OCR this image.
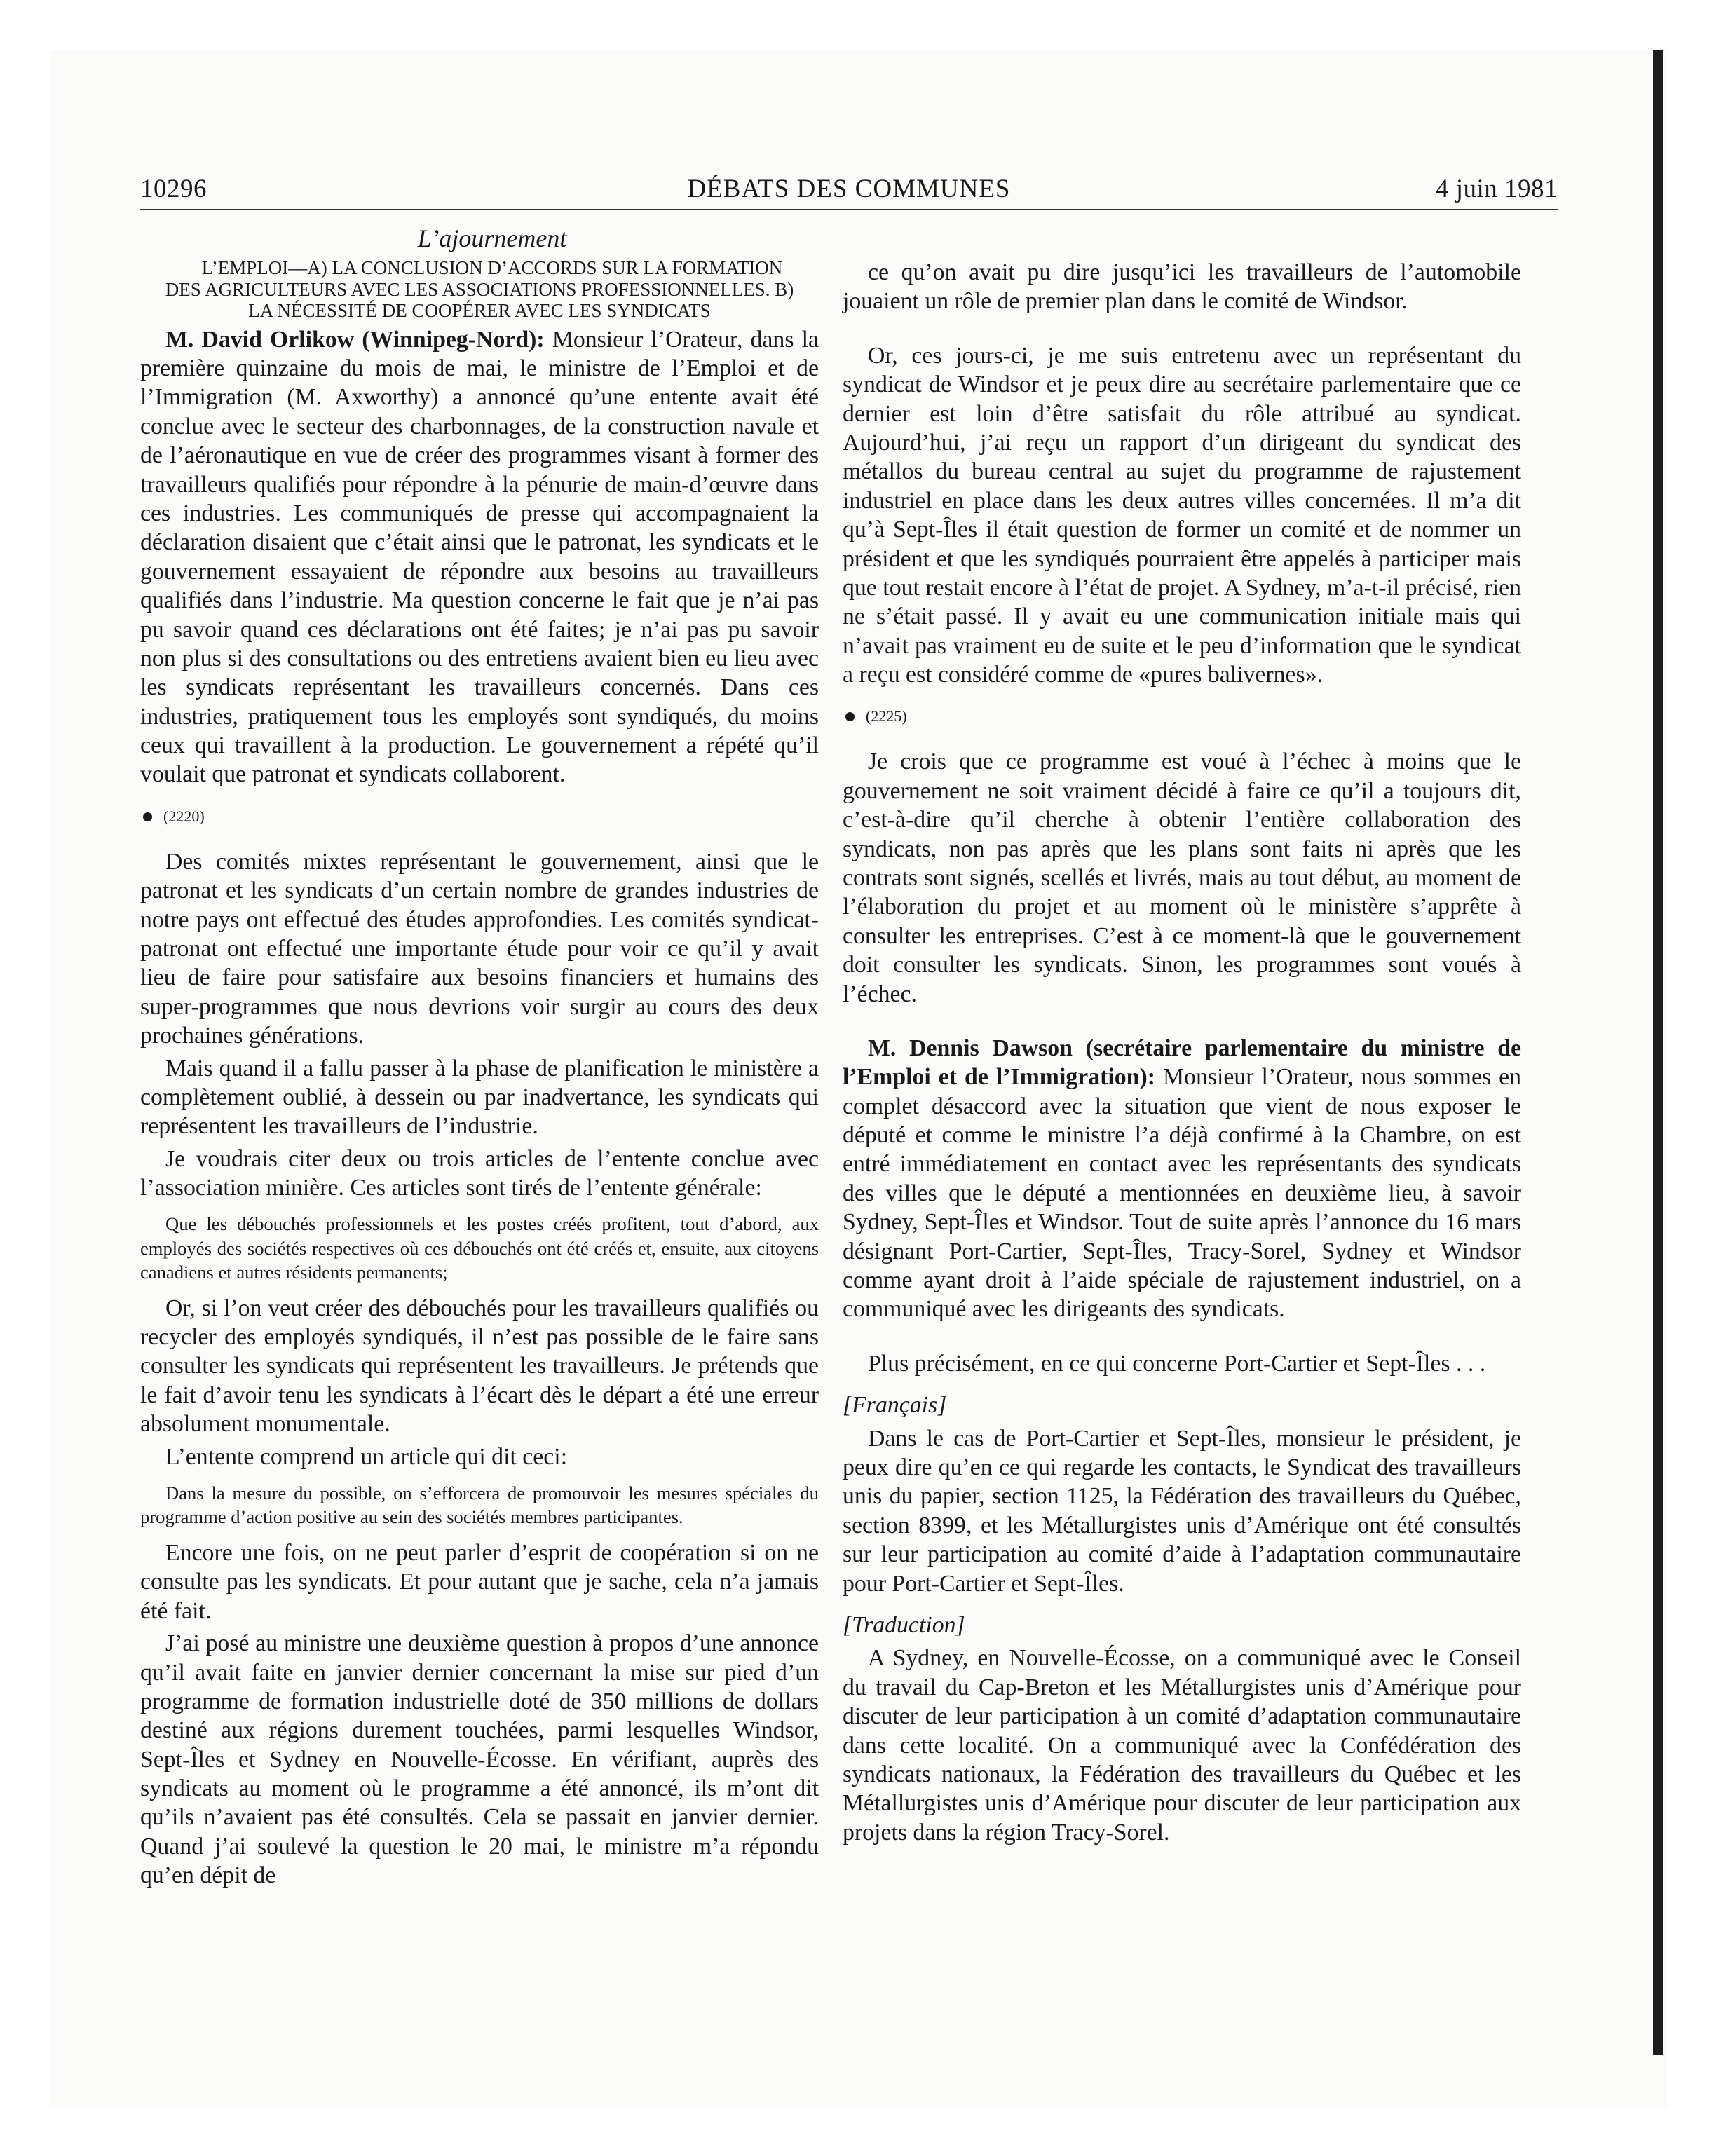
10296	DÉBATS DES COMMUNES	4 juin 1981

L’ajournement

L’EMPLOI—A) LA CONCLUSION D’ACCORDS SUR LA FORMATION DES AGRICULTEURS AVEC LES ASSOCIATIONS PROFESSIONNELLES. B) LA NÉCESSITÉ DE COOPÉRER AVEC LES SYNDICATS

M. David Orlikow (Winnipeg-Nord): Monsieur l’Orateur, dans la première quinzaine du mois de mai, le ministre de l’Emploi et de l’Immigration (M. Axworthy) a annoncé qu’une entente avait été conclue avec le secteur des charbonnages, de la construction navale et de l’aéronautique en vue de créer des programmes visant à former des travailleurs qualifiés pour répondre à la pénurie de main-d’œuvre dans ces industries. Les communiqués de presse qui accompagnaient la déclaration disaient que c’était ainsi que le patronat, les syndicats et le gouvernement essayaient de répondre aux besoins au travailleurs qualifiés dans l’industrie. Ma question concerne le fait que je n’ai pas pu savoir quand ces déclarations ont été faites; je n’ai pas pu savoir non plus si des consultations ou des entretiens avaient bien eu lieu avec les syndicats représentant les travailleurs concernés. Dans ces industries, pratiquement tous les employés sont syndiqués, du moins ceux qui travaillent à la production. Le gouvernement a répété qu’il voulait que patronat et syndicats collaborent.

(2220)

Des comités mixtes représentant le gouvernement, ainsi que le patronat et les syndicats d’un certain nombre de grandes industries de notre pays ont effectué des études approfondies. Les comités syndicat-patronat ont effectué une importante étude pour voir ce qu’il y avait lieu de faire pour satisfaire aux besoins financiers et humains des super-programmes que nous devrions voir surgir au cours des deux prochaines générations.

Mais quand il a fallu passer à la phase de planification le ministère a complètement oublié, à dessein ou par inadvertance, les syndicats qui représentent les travailleurs de l’industrie.

Je voudrais citer deux ou trois articles de l’entente conclue avec l’association minière. Ces articles sont tirés de l’entente générale:

Que les débouchés professionnels et les postes créés profitent, tout d’abord, aux employés des sociétés respectives où ces débouchés ont été créés et, ensuite, aux citoyens canadiens et autres résidents permanents;

Or, si l’on veut créer des débouchés pour les travailleurs qualifiés ou recycler des employés syndiqués, il n’est pas possible de le faire sans consulter les syndicats qui représentent les travailleurs. Je prétends que le fait d’avoir tenu les syndicats à l’écart dès le départ a été une erreur absolument monumentale.

L’entente comprend un article qui dit ceci:

Dans la mesure du possible, on s’efforcera de promouvoir les mesures spéciales du programme d’action positive au sein des sociétés membres participantes.

Encore une fois, on ne peut parler d’esprit de coopération si on ne consulte pas les syndicats. Et pour autant que je sache, cela n’a jamais été fait.

J’ai posé au ministre une deuxième question à propos d’une annonce qu’il avait faite en janvier dernier concernant la mise sur pied d’un programme de formation industrielle doté de 350 millions de dollars destiné aux régions durement touchées, parmi lesquelles Windsor, Sept-Îles et Sydney en Nouvelle-Écosse. En vérifiant, auprès des syndicats au moment où le programme a été annoncé, ils m’ont dit qu’ils n’avaient pas été consultés. Cela se passait en janvier dernier. Quand j’ai soulevé la question le 20 mai, le ministre m’a répondu qu’en dépit de

ce qu’on avait pu dire jusqu’ici les travailleurs de l’automobile jouaient un rôle de premier plan dans le comité de Windsor.

Or, ces jours-ci, je me suis entretenu avec un représentant du syndicat de Windsor et je peux dire au secrétaire parlementaire que ce dernier est loin d’être satisfait du rôle attribué au syndicat. Aujourd’hui, j’ai reçu un rapport d’un dirigeant du syndicat des métallos du bureau central au sujet du programme de rajustement industriel en place dans les deux autres villes concernées. Il m’a dit qu’à Sept-Îles il était question de former un comité et de nommer un président et que les syndiqués pourraient être appelés à participer mais que tout restait encore à l’état de projet. A Sydney, m’a-t-il précisé, rien ne s’était passé. Il y avait eu une communication initiale mais qui n’avait pas vraiment eu de suite et le peu d’information que le syndicat a reçu est considéré comme de «pures balivernes».

(2225)

Je crois que ce programme est voué à l’échec à moins que le gouvernement ne soit vraiment décidé à faire ce qu’il a toujours dit, c’est-à-dire qu’il cherche à obtenir l’entière collaboration des syndicats, non pas après que les plans sont faits ni après que les contrats sont signés, scellés et livrés, mais au tout début, au moment de l’élaboration du projet et au moment où le ministère s’apprête à consulter les entreprises. C’est à ce moment-là que le gouvernement doit consulter les syndicats. Sinon, les programmes sont voués à l’échec.

M. Dennis Dawson (secrétaire parlementaire du ministre de l’Emploi et de l’Immigration): Monsieur l’Orateur, nous sommes en complet désaccord avec la situation que vient de nous exposer le député et comme le ministre l’a déjà confirmé à la Chambre, on est entré immédiatement en contact avec les représentants des syndicats des villes que le député a mentionnées en deuxième lieu, à savoir Sydney, Sept-Îles et Windsor. Tout de suite après l’annonce du 16 mars désignant Port-Cartier, Sept-Îles, Tracy-Sorel, Sydney et Windsor comme ayant droit à l’aide spéciale de rajustement industriel, on a communiqué avec les dirigeants des syndicats.

Plus précisément, en ce qui concerne Port-Cartier et Sept-Îles . . .

[Français]

Dans le cas de Port-Cartier et Sept-Îles, monsieur le président, je peux dire qu’en ce qui regarde les contacts, le Syndicat des travailleurs unis du papier, section 1125, la Fédération des travailleurs du Québec, section 8399, et les Métallurgistes unis d’Amérique ont été consultés sur leur participation au comité d’aide à l’adaptation communautaire pour Port-Cartier et Sept-Îles.

[Traduction]

A Sydney, en Nouvelle-Écosse, on a communiqué avec le Conseil du travail du Cap-Breton et les Métallurgistes unis d’Amérique pour discuter de leur participation à un comité d’adaptation communautaire dans cette localité. On a communiqué avec la Confédération des syndicats nationaux, la Fédération des travailleurs du Québec et les Métallurgistes unis d’Amérique pour discuter de leur participation aux projets dans la région Tracy-Sorel.
